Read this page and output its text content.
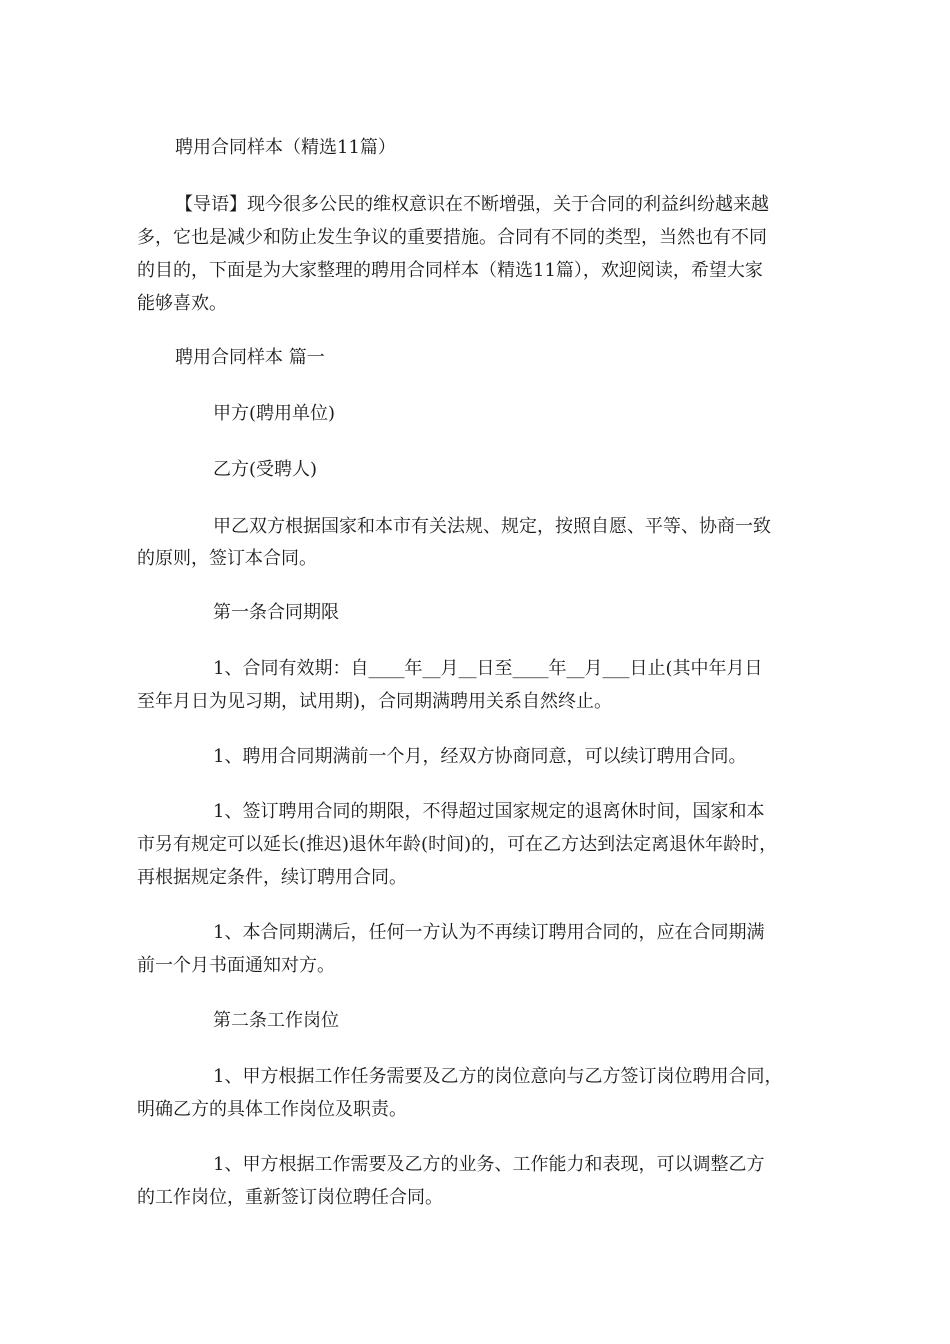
聘用合同样本（精选11篇）

【导语】现今很多公民的维权意识在不断增强，关于合同的利益纠纷越来越

多，它也是减少和防止发生争议的重要措施。合同有不同的类型，当然也有不同

的目的，下面是为大家整理的聘用合同样本（精选11篇），欢迎阅读，希望大家

能够喜欢。

聘用合同样本 篇一

甲方(聘用单位)

乙方(受聘人)

甲乙双方根据国家和本市有关法规、规定，按照自愿、平等、协商一致

的原则，签订本合同。

第一条合同期限

1、合同有效期：自____年__月__日至____年__月___日止(其中年月日

至年月日为见习期，试用期)，合同期满聘用关系自然终止。

1、聘用合同期满前一个月，经双方协商同意，可以续订聘用合同。

1、签订聘用合同的期限，不得超过国家规定的退离休时间，国家和本

市另有规定可以延长(推迟)退休年龄(时间)的，可在乙方达到法定离退休年龄时，

再根据规定条件，续订聘用合同。

1、本合同期满后，任何一方认为不再续订聘用合同的，应在合同期满

前一个月书面通知对方。

第二条工作岗位

1、甲方根据工作任务需要及乙方的岗位意向与乙方签订岗位聘用合同，

明确乙方的具体工作岗位及职责。

1、甲方根据工作需要及乙方的业务、工作能力和表现，可以调整乙方

的工作岗位，重新签订岗位聘任合同。
